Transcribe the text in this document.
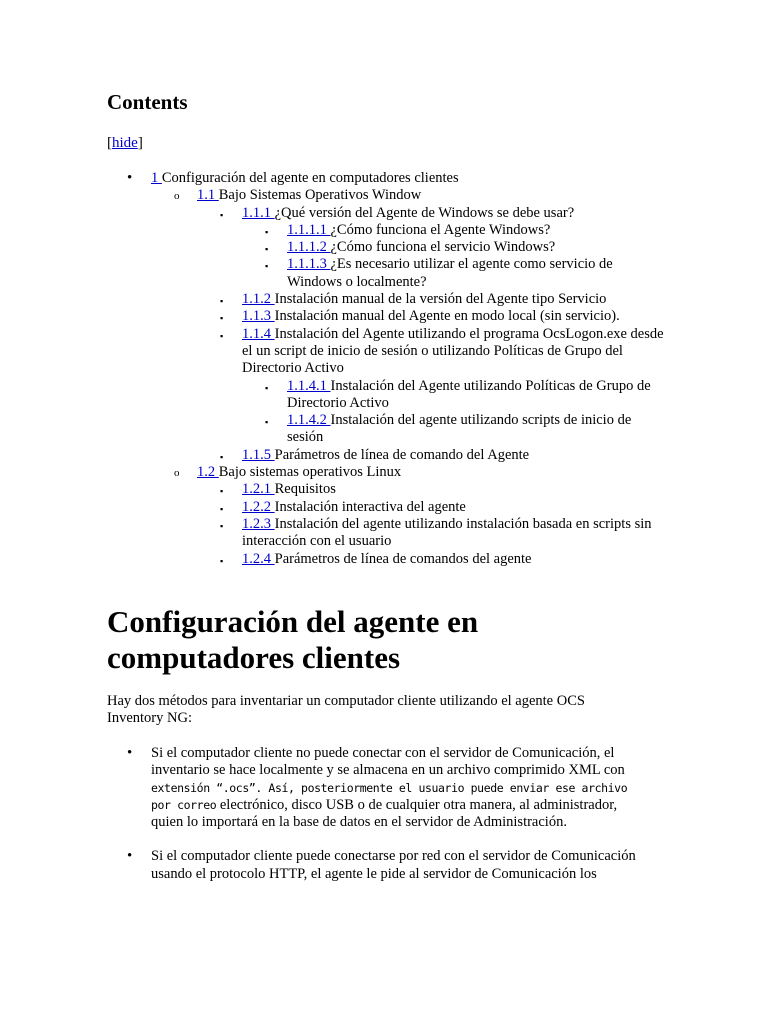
Contents
[hide]
• 1 Configuración del agente en computadores clientes
o 1.1 Bajo Sistemas Operativos Window
▪ 1.1.1 ¿Qué versión del Agente de Windows se debe usar?
▪ 1.1.1.1 ¿Cómo funciona el Agente Windows?
▪ 1.1.1.2 ¿Cómo funciona el servicio Windows?
▪ 1.1.1.3 ¿Es necesario utilizar el agente como servicio de Windows o localmente?
▪ 1.1.2 Instalación manual de la versión del Agente tipo Servicio
▪ 1.1.3 Instalación manual del Agente en modo local (sin servicio).
▪ 1.1.4 Instalación del Agente utilizando el programa OcsLogon.exe desde el un script de inicio de sesión o utilizando Políticas de Grupo del Directorio Activo
▪ 1.1.4.1 Instalación del Agente utilizando Políticas de Grupo de Directorio Activo
▪ 1.1.4.2 Instalación del agente utilizando scripts de inicio de sesión
▪ 1.1.5 Parámetros de línea de comando del Agente
o 1.2 Bajo sistemas operativos Linux
▪ 1.2.1 Requisitos
▪ 1.2.2 Instalación interactiva del agente
▪ 1.2.3 Instalación del agente utilizando instalación basada en scripts sin interacción con el usuario
▪ 1.2.4 Parámetros de línea de comandos del agente
Configuración del agente en computadores clientes

Hay dos métodos para inventariar un computador cliente utilizando el agente OCS Inventory NG:

• Si el computador cliente no puede conectar con el servidor de Comunicación, el inventario se hace localmente y se almacena en un archivo comprimido XML con extensión “.ocs”. Así, posteriormente el usuario puede enviar ese archivo por correo electrónico, disco USB o de cualquier otra manera, al administrador, quien lo importará en la base de datos en el servidor de Administración.
• Si el computador cliente puede conectarse por red con el servidor de Comunicación usando el protocolo HTTP, el agente le pide al servidor de Comunicación los
